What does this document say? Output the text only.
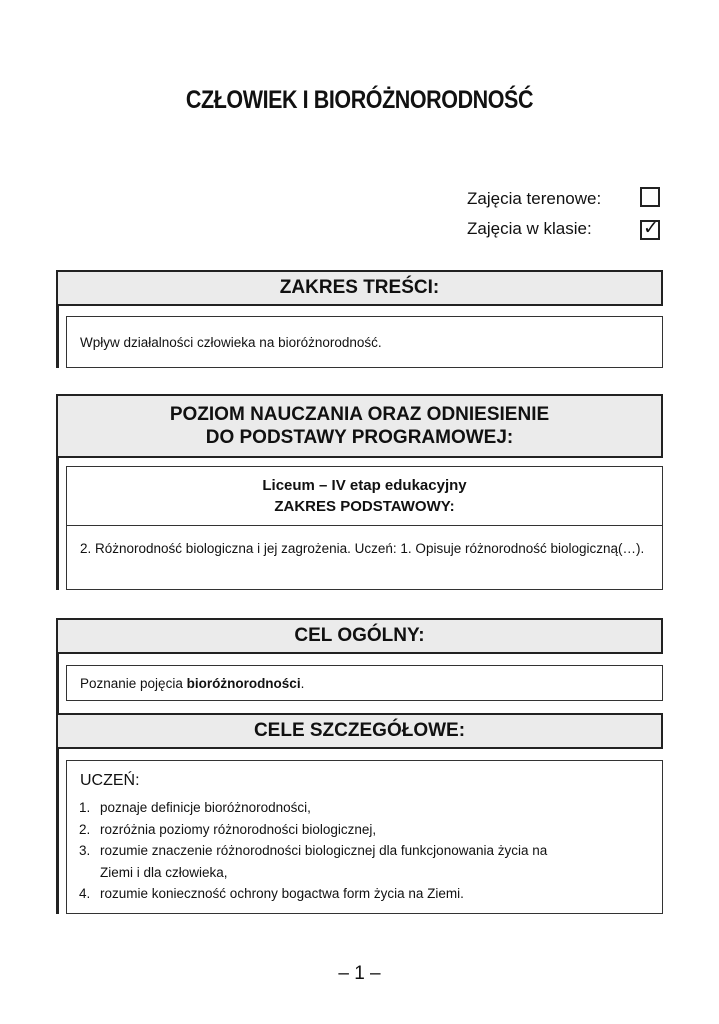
CZŁOWIEK I BIORÓŻNORODNOŚĆ
Zajęcia terenowe:
Zajęcia w klasie:	✓
ZAKRES TREŚCI:
Wpływ działalności człowieka na bioróżnorodność.
POZIOM NAUCZANIA ORAZ ODNIESIENIE
DO PODSTAWY PROGRAMOWEJ:
Liceum – IV etap edukacyjny
ZAKRES PODSTAWOWY:
2. Różnorodność biologiczna i jej zagrożenia. Uczeń: 1. Opisuje różnorodność biologiczną(…).
CEL OGÓLNY:
Poznanie pojęcia bioróżnorodności.
CELE SZCZEGÓŁOWE:
UCZEŃ:
1. poznaje definicje bioróżnorodności,
2. rozróżnia poziomy różnorodności biologicznej,
3. rozumie znaczenie różnorodności biologicznej dla funkcjonowania życia na Ziemi i dla człowieka,
4. rozumie konieczność ochrony bogactwa form życia na Ziemi.
– 1 –
